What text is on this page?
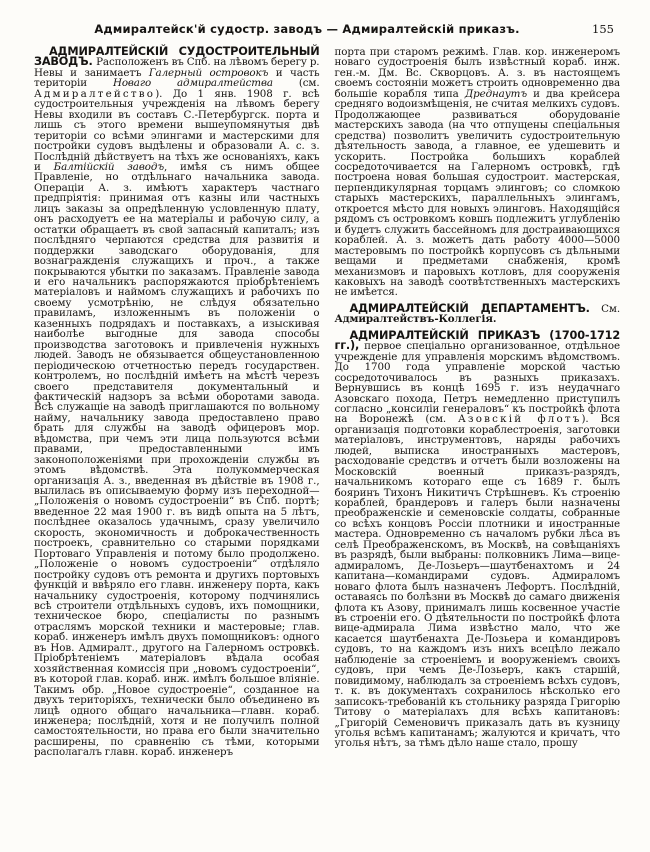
Адмиралтейск'й судостр. заводъ — Адмиралтейскій приказъ.	155

АДМИРАЛТЕЙСКІЙ СУДОСТРОИТЕЛЬНЫЙ ЗАВОДЪ. Расположенъ въ Спб. на лѣвомъ берегу р. Невы и занимаетъ Галерный островокъ и часть територіи Новаго адмиралтейства (см. Адмиралтейство). До 1 янв. 1908 г. всѣ судостроительныя учрежденія на лѣвомъ берегу Невы входили въ составъ С.-Петербургск. порта и лишь съ этого времени вышеупомянутыя двѣ територіи со всѣми элингами и мастерскими для постройки судовъ выдѣлены и образовали А. с. з. Послѣдній дѣйствуетъ на тѣхъ же основаніяхъ, какъ и Балтійскій заводъ, имѣя съ нимъ общее Правленіе, но отдѣльнаго начальника завода. Операціи А. з. имѣютъ характеръ частнаго предпріятія: принимая отъ казны или частныхъ лицъ заказы за опредѣленную условленную плату, онъ расходуетъ ее на матеріалы и рабочую силу, а остатки обращаетъ въ свой запасный капиталъ; изъ послѣдняго черпаются средства для развитія и поддержки заводскаго оборудованія, для вознагражденія служащихъ и проч., а также покрываются убытки по заказамъ. Правленіе завода и его начальникъ распоряжаются пріобрѣтеніемъ матеріаловъ и наймомъ служащихъ и рабочихъ по своему усмотрѣнію, не слѣдуя обязательно правиламъ, изложеннымъ въ положеніи о казенныхъ подрядахъ и поставкахъ, а изыскивая наиболѣе выгодные для завода способы производства заготовокъ и привлеченія нужныхъ людей. Заводъ не обязывается общеустановленною періодическою отчетностью передъ государствен. контролемъ, но послѣдній имѣетъ на мѣстѣ черезъ своего представителя документальный и фактическій надзоръ за всѣми оборотами завода. Всѣ служащіе на заводѣ приглашаются по вольному найму, начальнику завода предоставлено право брать для службы на заводѣ офицеровъ мор. вѣдомства, при чемъ эти лица пользуются всѣми правами, предоставленными имъ законоположеніями при прохожденіи службы въ этомъ вѣдомствѣ. Эта полукоммерческая организація А. з., введенная въ дѣйствіе въ 1908 г., вылилась въ описываемую форму изъ переходной—„Положенія о новомъ судостроеніи“ въ Спб. портѣ; введенное 22 мая 1900 г. въ видѣ опыта на 5 лѣтъ, послѣднее оказалось удачнымъ, сразу увеличило скорость, экономичность и доброкачественность построекъ, сравнительно со старыми порядками Портоваго Управленія и потому было продолжено. „Положеніе о новомъ судостроеніи“ отдѣляло постройку судовъ отъ ремонта и другихъ портовыхъ функцій и ввѣряло его главн. инженеру порта, какъ начальнику судостроенія, которому подчинялись всѣ строители отдѣльныхъ судовъ, ихъ помощники, техническое бюро, спеціалисты по разнымъ отраслямъ морской техники и мастеровые; глав. кораб. инженеръ имѣлъ двухъ помощниковъ: одного въ Нов. Адмиралт., другого на Галерномъ островкѣ. Пріобрѣтеніемъ матеріаловъ вѣдала особая хозяйственная комиссія при „новомъ судостроеніи“, въ которой глав. кораб. инж. имѣлъ большое вліяніе. Такимъ обр. „Новое судостроеніе“, созданное на двухъ територіяхъ, технически было объединено въ лицѣ одного общаго начальника—главн. кораб. инженера; послѣдній, хотя и не получилъ полной самостоятельности, но права его были значительно расширены, по сравненію съ тѣми, которыми располагалъ главн. кораб. инженеръ

порта при старомъ режимѣ. Глав. кор. инженеромъ новаго судостроенія былъ извѣстный кораб. инж. ген.-м. Дм. Вс. Скворцовъ. А. з. въ настоящемъ своемъ состояніи можетъ строить одновременно два большіе корабля типа Дреднаутъ и два крейсера средняго водоизмѣщенія, не считая мелкихъ судовъ. Продолжающее развиваться оборудованіе мастерскихъ завода (на что отпущены спеціальныя средства) позволитъ увеличить судостроительную дѣятельность завода, а главное, ее удешевить и ускорить. Постройка большихъ кораблей сосредоточивается на Галерномъ островкѣ, гдѣ построена новая большая судостроит. мастерская, перпендикулярная торцамъ элинговъ; со сломкою старыхъ мастерскихъ, параллельныхъ элингамъ, откроется мѣсто для новыхъ элинговъ. Находящійся рядомъ съ островкомъ ковшъ подлежитъ углубленію и будетъ служить бассейномъ для достраивающихся кораблей. А. з. можетъ дать работу 4000—5000 мастеровымъ по постройкѣ корпусовъ съ дѣльными вещами и предметами снабженія, кромѣ механизмовъ и паровыхъ котловъ, для сооруженія каковыхъ на заводѣ соотвѣтственныхъ мастерскихъ не имѣется.

АДМИРАЛТЕЙСКІЙ ДЕПАРТАМЕНТЪ. См. Адмиралтействъ-Коллегія.

АДМИРАЛТЕЙСКІЙ ПРИКАЗЪ (1700-1712 гг.), первое спеціально организованное, отдѣльное учрежденіе для управленія морскимъ вѣдомствомъ. До 1700 года управленіе морской частью сосредоточивалось въ разныхъ приказахъ. Вернувшись въ концѣ 1695 г. изъ неудачнаго Азовскаго похода, Петръ немедленно приступилъ согласно „консиліи генераловъ“ къ постройкѣ флота на Воронежѣ (см. Азовскій флотъ). Вся организація подготовки кораблестроенія, заготовки матеріаловъ, инструментовъ, наряды рабочихъ людей, выписка иностранныхъ мастеровъ, расходованіе средствъ и отчетъ были возложены на Московскій военный приказъ-разрядъ, начальникомъ котораго еще съ 1689 г. былъ бояринъ Тихонъ Никитичъ Стрѣшневъ. Къ строенію кораблей, брандеровъ и галеръ были назначены преображенскіе и семеновскіе солдаты, собранные со всѣхъ концовъ Россіи плотники и иностранные мастера. Одновременно съ началомъ рубки лѣса въ селѣ Преображенскомъ, въ Москвѣ, на совѣщаніяхъ въ разрядѣ, были выбраны: полковникъ Лима—вице-адмираломъ, Де-Лозьеръ—шаутбенахтомъ и 24 капитана—командирами судовъ. Адмираломъ новаго флота былъ назначенъ Лефортъ. Послѣдній, оставаясь по болѣзни въ Москвѣ до самаго движенія флота къ Азову, принималъ лишь косвенное участіе въ строеніи его. О дѣятельности по постройкѣ флота вице-адмирала Лима извѣстно мало, что же касается шаутбенахта Де-Лозьера и командировъ судовъ, то на каждомъ изъ нихъ всецѣло лежало наблюденіе за строеніемъ и вооруженіемъ своихъ судовъ, при чемъ Де-Лозьеръ, какъ старшій, повидимому, наблюдалъ за строеніемъ всѣхъ судовъ, т. к. въ документахъ сохранилось нѣсколько его записокъ-требованій къ стольнику разряда Григорію Титову о матеріалахъ для всѣхъ капитановъ: „Григорій Семеновичъ приказалъ дать въ кузницу уголья всѣмъ капитанамъ; жалуются и кричатъ, что уголья нѣтъ, за тѣмъ дѣло наше стало, прошу
